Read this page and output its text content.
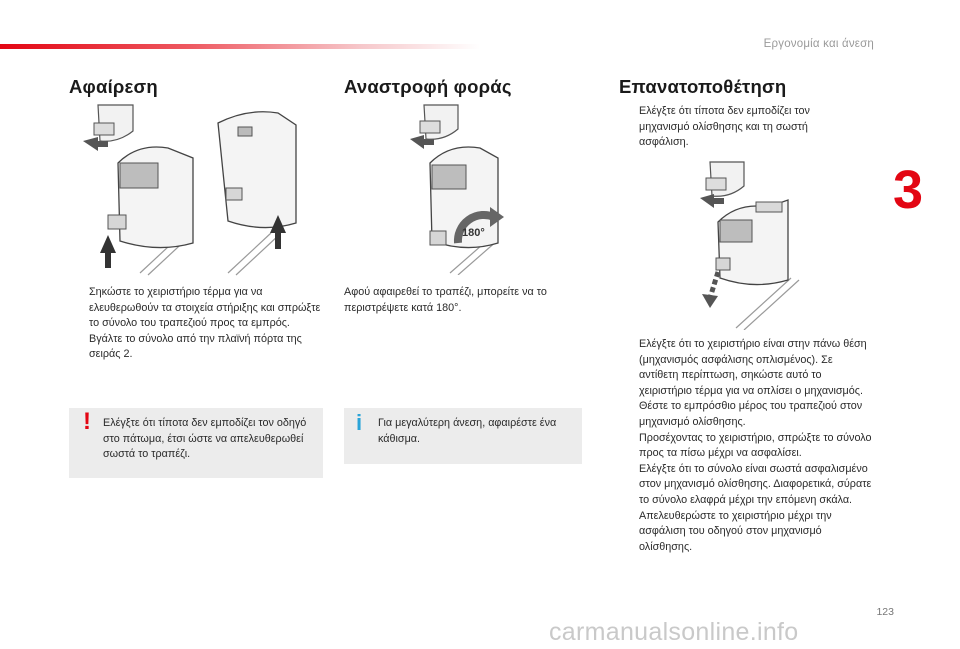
Εργονομία και άνεση
3
Αφαίρεση
Σηκώστε το χειριστήριο τέρμα για να ελευθερωθούν τα στοιχεία στήριξης και σπρώξτε το σύνολο του τραπεζιού προς τα εμπρός.
Βγάλτε το σύνολο από την πλαϊνή πόρτα της σειράς 2.
! Ελέγξτε ότι τίποτα δεν εμποδίζει τον οδηγό στο πάτωμα, έτσι ώστε να απελευθερωθεί σωστά το τραπέζι.
Αναστροφή φοράς
180°
Αφού αφαιρεθεί το τραπέζι, μπορείτε να το περιστρέψετε κατά 180°.
i Για μεγαλύτερη άνεση, αφαιρέστε ένα κάθισμα.
Επανατοποθέτηση
Ελέγξτε ότι τίποτα δεν εμποδίζει τον μηχανισμό ολίσθησης και τη σωστή ασφάλιση.
Ελέγξτε ότι το χειριστήριο είναι στην πάνω θέση (μηχανισμός ασφάλισης οπλισμένος). Σε αντίθετη περίπτωση, σηκώστε αυτό το χειριστήριο τέρμα για να οπλίσει ο μηχανισμός.
Θέστε το εμπρόσθιο μέρος του τραπεζιού στον μηχανισμό ολίσθησης.
Προσέχοντας το χειριστήριο, σπρώξτε το σύνολο προς τα πίσω μέχρι να ασφαλίσει.
Ελέγξτε ότι το σύνολο είναι σωστά ασφαλισμένο στον μηχανισμό ολίσθησης. Διαφορετικά, σύρατε το σύνολο ελαφρά μέχρι την επόμενη σκάλα.
Απελευθερώστε το χειριστήριο μέχρι την ασφάλιση του οδηγού στον μηχανισμό ολίσθησης.
123
carmanualsonline.info
